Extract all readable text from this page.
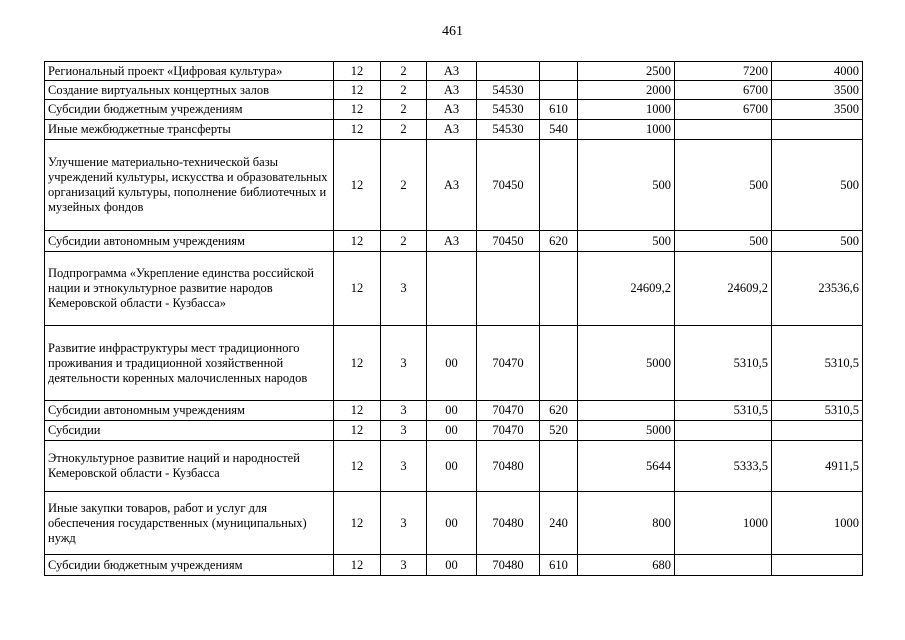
461
Региональный проект «Цифровая культура»	12	2	А3			2500	7200	4000
Создание виртуальных концертных залов	12	2	А3	54530		2000	6700	3500
Субсидии бюджетным учреждениям	12	2	А3	54530	610	1000	6700	3500
Иные межбюджетные трансферты	12	2	А3	54530	540	1000		
Улучшение материально-технической базы учреждений культуры, искусства и образовательных организаций культуры, пополнение библиотечных и музейных фондов	12	2	А3	70450		500	500	500
Субсидии автономным учреждениям	12	2	А3	70450	620	500	500	500
Подпрограмма «Укрепление единства российской нации и этнокультурное развитие народов Кемеровской области - Кузбасса»	12	3				24609,2	24609,2	23536,6
Развитие инфраструктуры мест традиционного проживания и традиционной хозяйственной деятельности коренных малочисленных народов	12	3	00	70470		5000	5310,5	5310,5
Субсидии автономным учреждениям	12	3	00	70470	620		5310,5	5310,5
Субсидии	12	3	00	70470	520	5000		
Этнокультурное развитие наций и народностей Кемеровской области - Кузбасса	12	3	00	70480		5644	5333,5	4911,5
Иные закупки товаров, работ и услуг для обеспечения государственных (муниципальных) нужд	12	3	00	70480	240	800	1000	1000
Субсидии бюджетным учреждениям	12	3	00	70480	610	680		
